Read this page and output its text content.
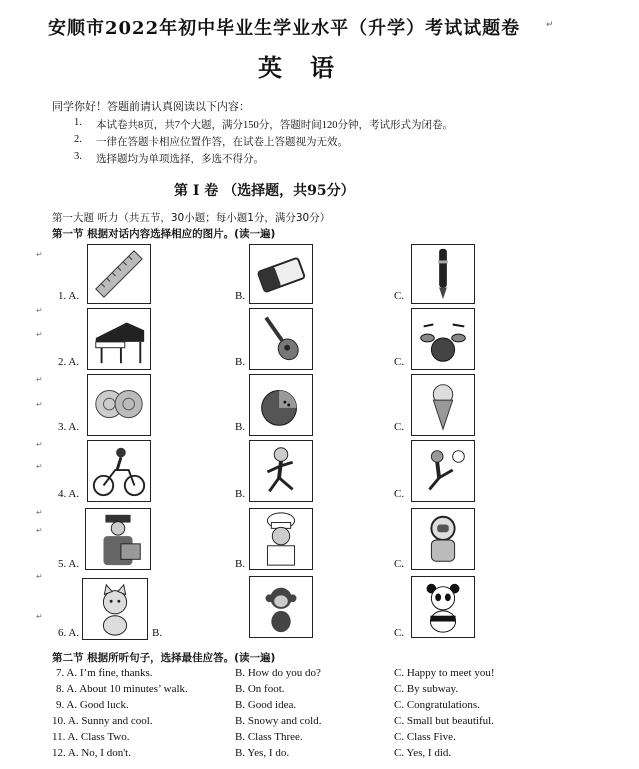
安顺市2022年初中毕业生学业水平（升学）考试试题卷	↵
英语
同学你好！答题前请认真阅读以下内容：
1. 本试卷共8页，共7个大题，满分150分，答题时间120分钟，考试形式为闭卷。
2. 一律在答题卡相应位置作答，在试卷上答题视为无效。
3. 选择题均为单项选择，多选不得分。
第 I 卷 （选择题，共95分）
第一大题 听力（共五节，30小题；每小题1分，满分30分）
第一节 根据对话内容选择相应的图片。(读一遍)
↵
↵
↵
↵
↵
↵
↵
↵
↵
↵
↵
1. A.	B.	C.
2. A.	B.	C.
3. A.	B.	C.
4. A.	B.	C.
5. A.	B.	C.
6. A.	B.	C.
第二节 根据所听句子，选择最佳应答。(读一遍)
7. A. I’m fine, thanks.	B. How do you do?	C. Happy to meet you!
8. A. About 10 minutes’ walk.	B. On foot.	C. By subway.
9. A. Good luck.	B. Good idea.	C. Congratulations.
10. A. Sunny and cool.	B. Snowy and cold.	C. Small but beautiful.
11. A. Class Two.	B. Class Three.	C. Class Five.
12. A. No, I don't.	B. Yes, I do.	C. Yes, I did.
